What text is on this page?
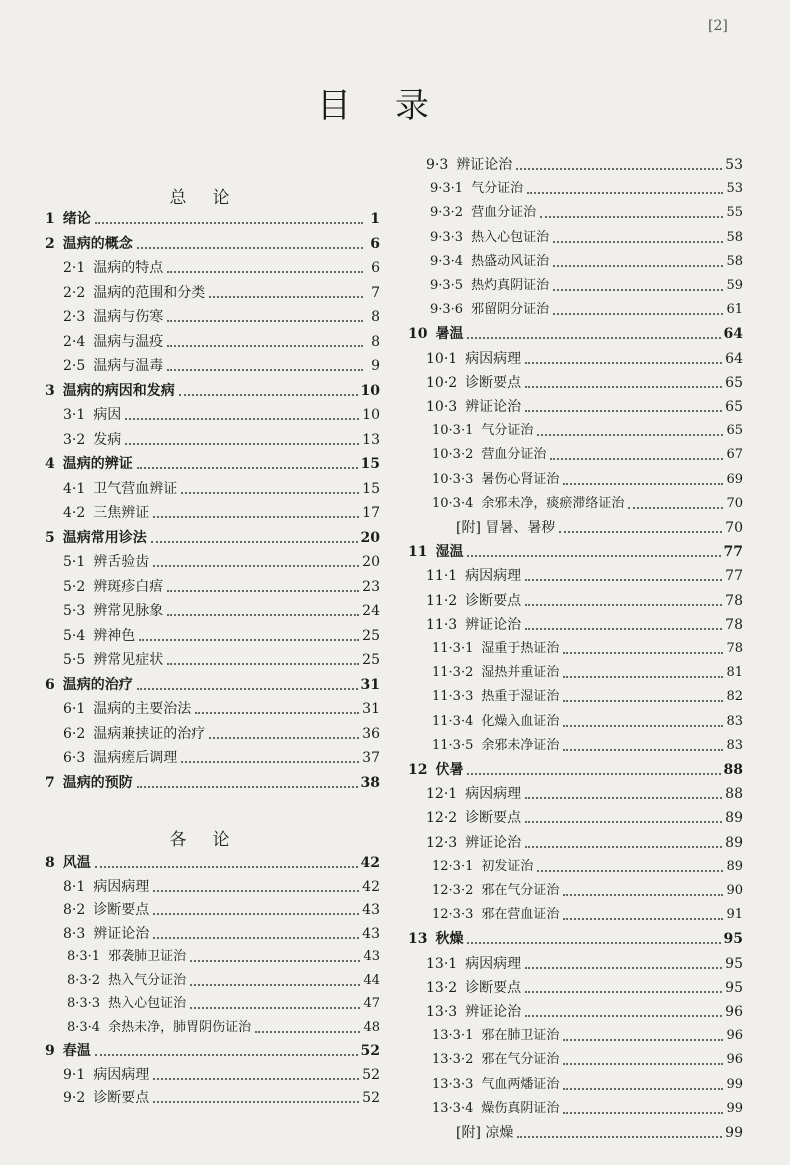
[2]
目录
总论
1 绪论	1
2 温病的概念	6
2·1 温病的特点	6
2·2 温病的范围和分类	7
2·3 温病与伤寒	8
2·4 温病与温疫	8
2·5 温病与温毒	9
3 温病的病因和发病	10
3·1 病因	10
3·2 发病	13
4 温病的辨证	15
4·1 卫气营血辨证	15
4·2 三焦辨证	17
5 温病常用诊法	20
5·1 辨舌验齿	20
5·2 辨斑疹白痦	23
5·3 辨常见脉象	24
5·4 辨神色	25
5·5 辨常见症状	25
6 温病的治疗	31
6·1 温病的主要治法	31
6·2 温病兼挟证的治疗	36
6·3 温病瘥后调理	37
7 温病的预防	38
各论
8 风温	42
8·1 病因病理	42
8·2 诊断要点	43
8·3 辨证论治	43
8·3·1 邪袭肺卫证治	43
8·3·2 热入气分证治	44
8·3·3 热入心包证治	47
8·3·4 余热未净，肺胃阴伤证治	48
9 春温	52
9·1 病因病理	52
9·2 诊断要点	52
9·3 辨证论治	53
9·3·1 气分证治	53
9·3·2 营血分证治	55
9·3·3 热入心包证治	58
9·3·4 热盛动风证治	58
9·3·5 热灼真阴证治	59
9·3·6 邪留阴分证治	61
10 暑温	64
10·1 病因病理	64
10·2 诊断要点	65
10·3 辨证论治	65
10·3·1 气分证治	65
10·3·2 营血分证治	67
10·3·3 暑伤心肾证治	69
10·3·4 余邪未净，痰瘀滞络证治	70
[附] 冒暑、暑秽	70
11 湿温	77
11·1 病因病理	77
11·2 诊断要点	78
11·3 辨证论治	78
11·3·1 湿重于热证治	78
11·3·2 湿热并重证治	81
11·3·3 热重于湿证治	82
11·3·4 化燥入血证治	83
11·3·5 余邪未净证治	83
12 伏暑	88
12·1 病因病理	88
12·2 诊断要点	89
12·3 辨证论治	89
12·3·1 初发证治	89
12·3·2 邪在气分证治	90
12·3·3 邪在营血证治	91
13 秋燥	95
13·1 病因病理	95
13·2 诊断要点	95
13·3 辨证论治	96
13·3·1 邪在肺卫证治	96
13·3·2 邪在气分证治	96
13·3·3 气血两燔证治	99
13·3·4 燥伤真阴证治	99
[附] 凉燥	99
